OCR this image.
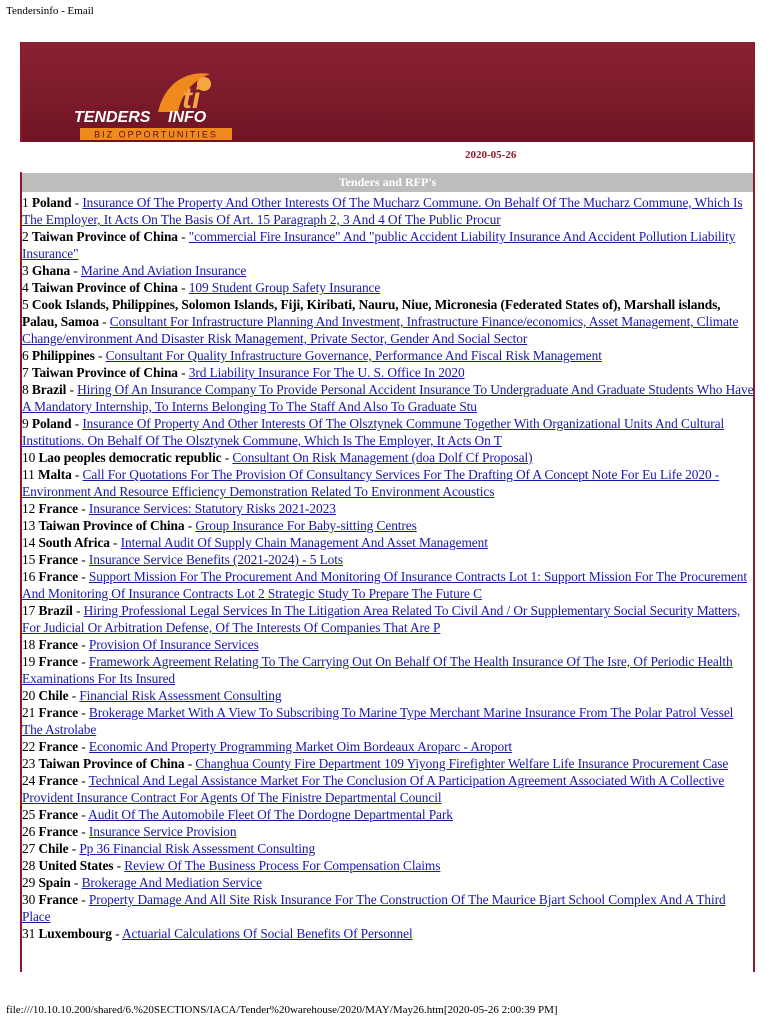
Tendersinfo - Email
ti
TENDERS INFO
BIZ OPPORTUNITIES
2020-05-26
Tenders and RFP's
1 Poland - Insurance Of The Property And Other Interests Of The Mucharz Commune. On Behalf Of The Mucharz Commune, Which Is The Employer, It Acts On The Basis Of Art. 15 Paragraph 2, 3 And 4 Of The Public Procur
2 Taiwan Province of China - "commercial Fire Insurance" And "public Accident Liability Insurance And Accident Pollution Liability Insurance"
3 Ghana - Marine And Aviation Insurance
4 Taiwan Province of China - 109 Student Group Safety Insurance
5 Cook Islands, Philippines, Solomon Islands, Fiji, Kiribati, Nauru, Niue, Micronesia (Federated States of), Marshall islands, Palau, Samoa - Consultant For Infrastructure Planning And Investment, Infrastructure Finance/economics, Asset Management, Climate Change/environment And Disaster Risk Management, Private Sector, Gender And Social Sector
6 Philippines - Consultant For Quality Infrastructure Governance, Performance And Fiscal Risk Management
7 Taiwan Province of China - 3rd Liability Insurance For The U. S. Office In 2020
8 Brazil - Hiring Of An Insurance Company To Provide Personal Accident Insurance To Undergraduate And Graduate Students Who Have A Mandatory Internship, To Interns Belonging To The Staff And Also To Graduate Stu
9 Poland - Insurance Of Property And Other Interests Of The Olsztynek Commune Together With Organizational Units And Cultural Institutions. On Behalf Of The Olsztynek Commune, Which Is The Employer, It Acts On T
10 Lao peoples democratic republic - Consultant On Risk Management (doa Dolf Cf Proposal)
11 Malta - Call For Quotations For The Provision Of Consultancy Services For The Drafting Of A Concept Note For Eu Life 2020 - Environment And Resource Efficiency Demonstration Related To Environment Acoustics
12 France - Insurance Services: Statutory Risks 2021-2023
13 Taiwan Province of China - Group Insurance For Baby-sitting Centres
14 South Africa - Internal Audit Of Supply Chain Management And Asset Management
15 France - Insurance Service Benefits (2021-2024) - 5 Lots
16 France - Support Mission For The Procurement And Monitoring Of Insurance Contracts Lot 1: Support Mission For The Procurement And Monitoring Of Insurance Contracts Lot 2 Strategic Study To Prepare The Future C
17 Brazil - Hiring Professional Legal Services In The Litigation Area Related To Civil And / Or Supplementary Social Security Matters, For Judicial Or Arbitration Defense, Of The Interests Of Companies That Are P
18 France - Provision Of Insurance Services
19 France - Framework Agreement Relating To The Carrying Out On Behalf Of The Health Insurance Of The Isre, Of Periodic Health Examinations For Its Insured
20 Chile - Financial Risk Assessment Consulting
21 France - Brokerage Market With A View To Subscribing To Marine Type Merchant Marine Insurance From The Polar Patrol Vessel The Astrolabe
22 France - Economic And Property Programming Market Oim Bordeaux Aroparc - Aroport
23 Taiwan Province of China - Changhua County Fire Department 109 Yiyong Firefighter Welfare Life Insurance Procurement Case
24 France - Technical And Legal Assistance Market For The Conclusion Of A Participation Agreement Associated With A Collective Provident Insurance Contract For Agents Of The Finistre Departmental Council
25 France - Audit Of The Automobile Fleet Of The Dordogne Departmental Park
26 France - Insurance Service Provision
27 Chile - Pp 36 Financial Risk Assessment Consulting
28 United States - Review Of The Business Process For Compensation Claims
29 Spain - Brokerage And Mediation Service
30 France - Property Damage And All Site Risk Insurance For The Construction Of The Maurice Bjart School Complex And A Third Place
31 Luxembourg - Actuarial Calculations Of Social Benefits Of Personnel
file:///10.10.10.200/shared/6.%20SECTIONS/IACA/Tender%20warehouse/2020/MAY/May26.htm[2020-05-26 2:00:39 PM]
